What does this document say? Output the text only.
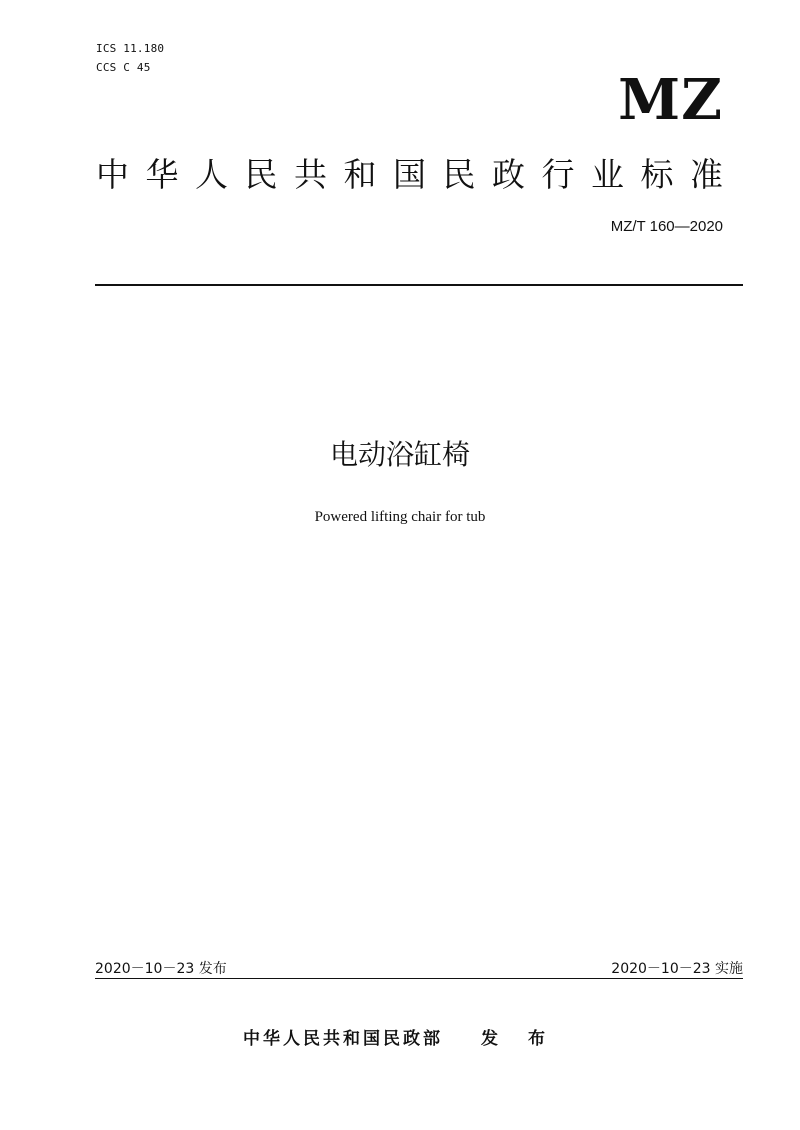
ICS 11.180
CCS C 45	MZ
中华人民共和国民政行业标准
MZ/T 160—2020
电动浴缸椅
Powered lifting chair for tub
2020－10－23 发布	2020－10－23 实施
中华人民共和国民政部 发 布
